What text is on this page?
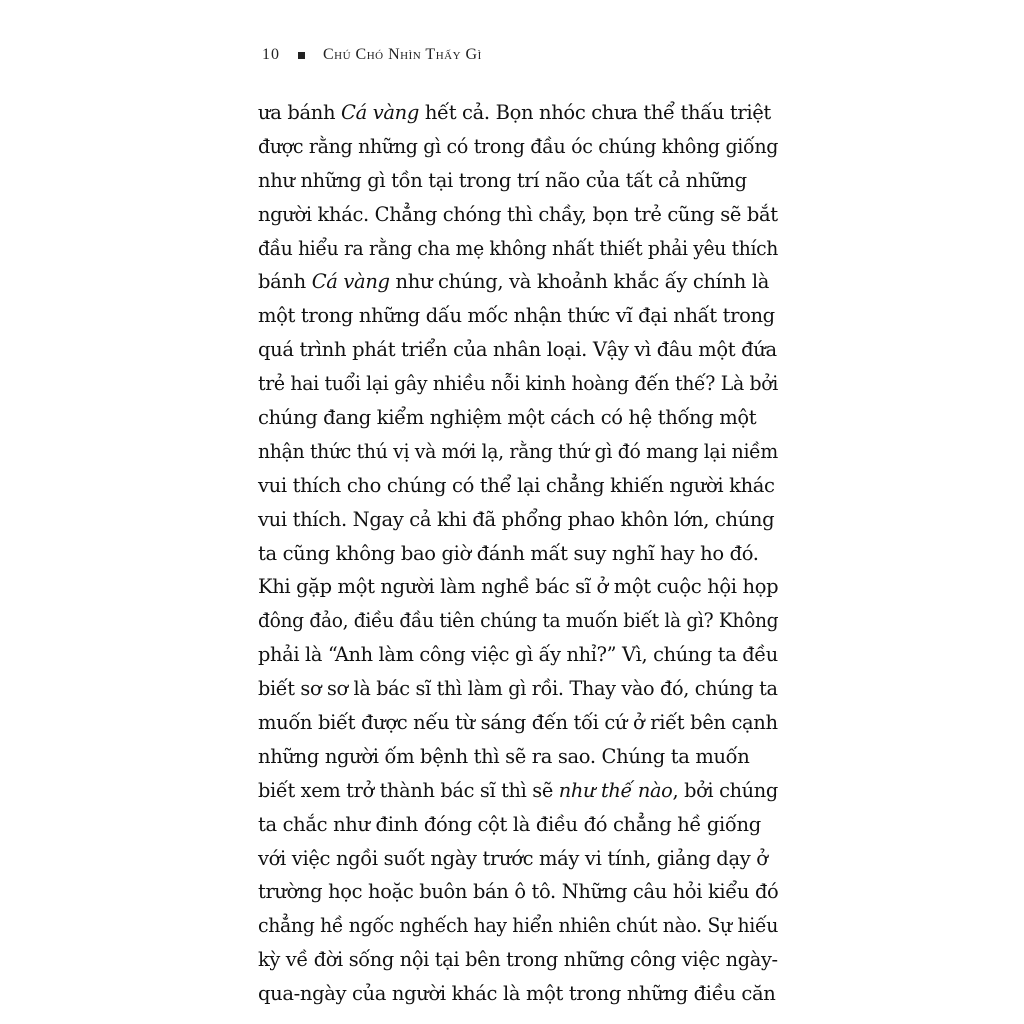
10	Chú Chó Nhìn Thấy Gì
ưa bánh Cá vàng hết cả. Bọn nhóc chưa thể thấu triệt
được rằng những gì có trong đầu óc chúng không giống
như những gì tồn tại trong trí não của tất cả những
người khác. Chẳng chóng thì chầy, bọn trẻ cũng sẽ bắt
đầu hiểu ra rằng cha mẹ không nhất thiết phải yêu thích
bánh Cá vàng như chúng, và khoảnh khắc ấy chính là
một trong những dấu mốc nhận thức vĩ đại nhất trong
quá trình phát triển của nhân loại. Vậy vì đâu một đứa
trẻ hai tuổi lại gây nhiều nỗi kinh hoàng đến thế? Là bởi
chúng đang kiểm nghiệm một cách có hệ thống một
nhận thức thú vị và mới lạ, rằng thứ gì đó mang lại niềm
vui thích cho chúng có thể lại chẳng khiến người khác
vui thích. Ngay cả khi đã phổng phao khôn lớn, chúng
ta cũng không bao giờ đánh mất suy nghĩ hay ho đó.
Khi gặp một người làm nghề bác sĩ ở một cuộc hội họp
đông đảo, điều đầu tiên chúng ta muốn biết là gì? Không
phải là “Anh làm công việc gì ấy nhỉ?” Vì, chúng ta đều
biết sơ sơ là bác sĩ thì làm gì rồi. Thay vào đó, chúng ta
muốn biết được nếu từ sáng đến tối cứ ở riết bên cạnh
những người ốm bệnh thì sẽ ra sao. Chúng ta muốn
biết xem trở thành bác sĩ thì sẽ như thế nào, bởi chúng
ta chắc như đinh đóng cột là điều đó chẳng hề giống
với việc ngồi suốt ngày trước máy vi tính, giảng dạy ở
trường học hoặc buôn bán ô tô. Những câu hỏi kiểu đó
chẳng hề ngốc nghếch hay hiển nhiên chút nào. Sự hiếu
kỳ về đời sống nội tại bên trong những công việc ngày-
qua-ngày của người khác là một trong những điều căn
